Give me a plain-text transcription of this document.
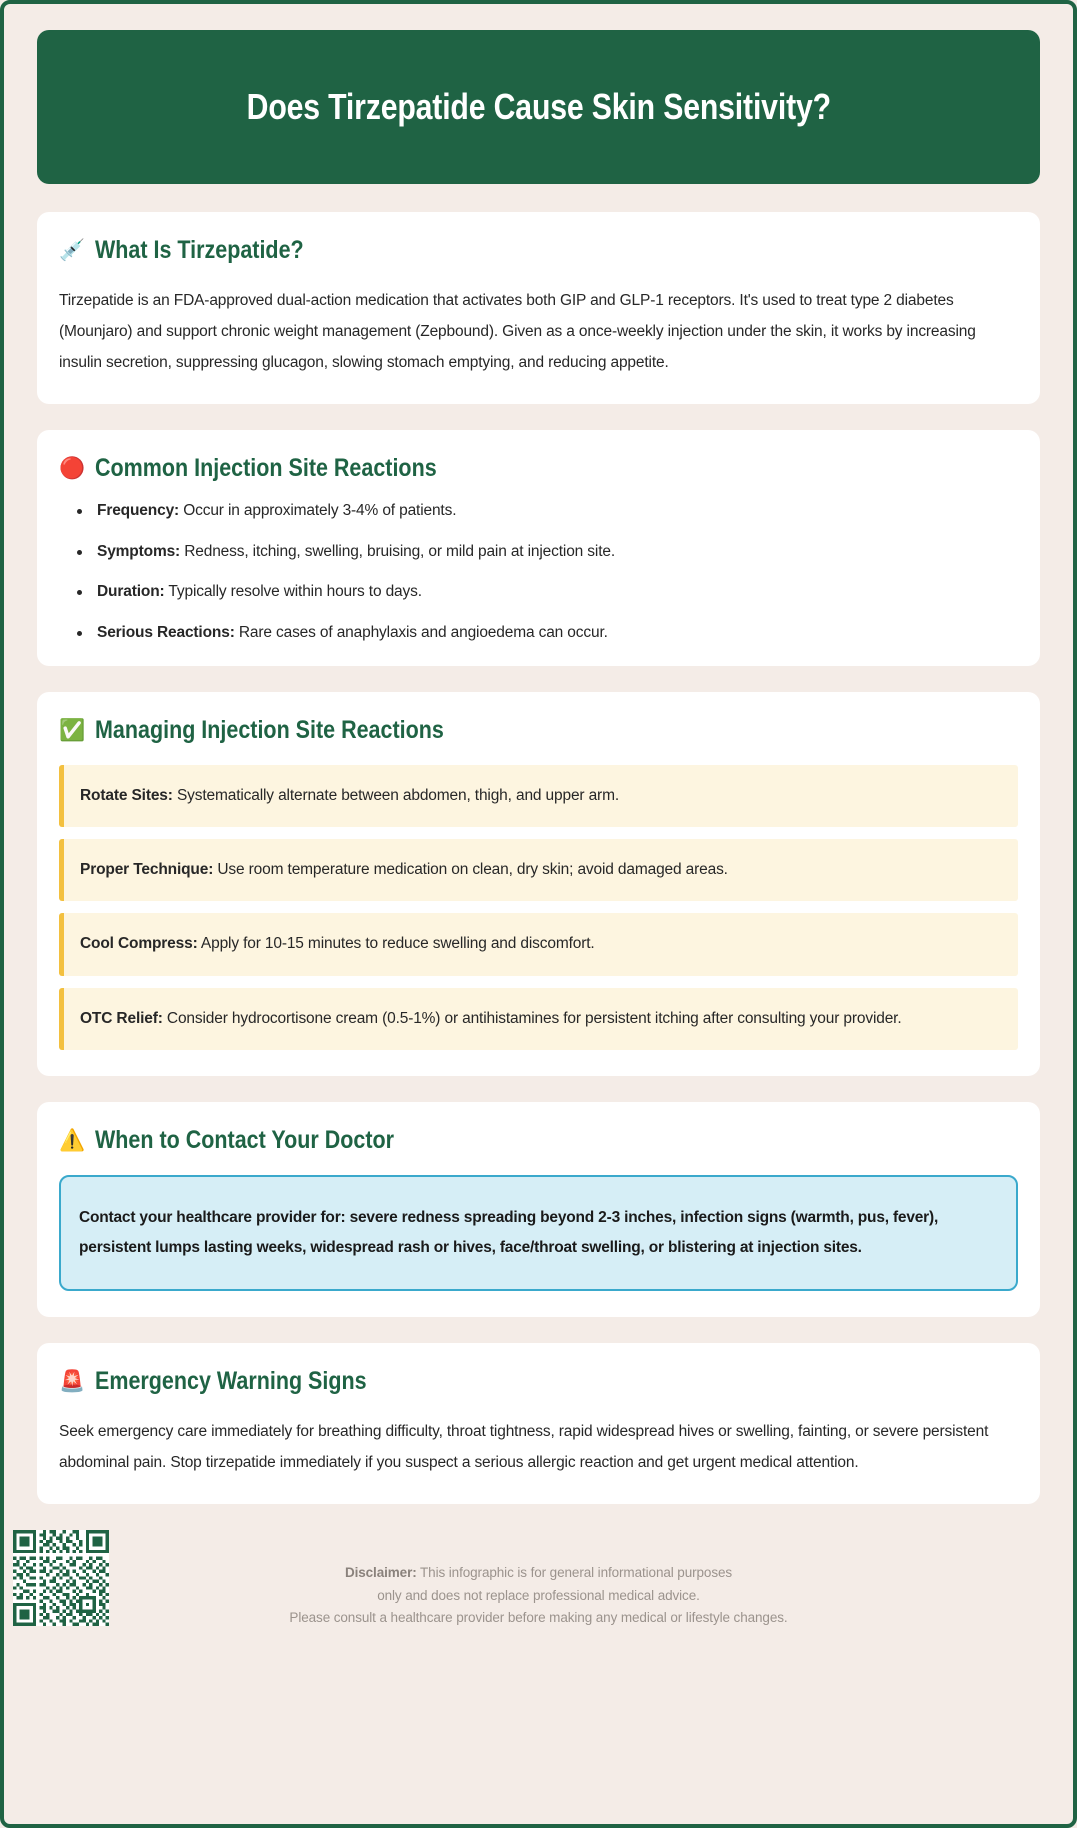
Does Tirzepatide Cause Skin Sensitivity?
💉 What Is Tirzepatide?
Tirzepatide is an FDA-approved dual-action medication that activates both GIP and GLP-1 receptors. It's used to treat type 2 diabetes (Mounjaro) and support chronic weight management (Zepbound). Given as a once-weekly injection under the skin, it works by increasing insulin secretion, suppressing glucagon, slowing stomach emptying, and reducing appetite.
🔴 Common Injection Site Reactions
Frequency: Occur in approximately 3-4% of patients.
Symptoms: Redness, itching, swelling, bruising, or mild pain at injection site.
Duration: Typically resolve within hours to days.
Serious Reactions: Rare cases of anaphylaxis and angioedema can occur.
✅ Managing Injection Site Reactions
Rotate Sites: Systematically alternate between abdomen, thigh, and upper arm.
Proper Technique: Use room temperature medication on clean, dry skin; avoid damaged areas.
Cool Compress: Apply for 10-15 minutes to reduce swelling and discomfort.
OTC Relief: Consider hydrocortisone cream (0.5-1%) or antihistamines for persistent itching after consulting your provider.
⚠️ When to Contact Your Doctor
Contact your healthcare provider for: severe redness spreading beyond 2-3 inches, infection signs (warmth, pus, fever), persistent lumps lasting weeks, widespread rash or hives, face/throat swelling, or blistering at injection sites.
🚨 Emergency Warning Signs
Seek emergency care immediately for breathing difficulty, throat tightness, rapid widespread hives or swelling, fainting, or severe persistent abdominal pain. Stop tirzepatide immediately if you suspect a serious allergic reaction and get urgent medical attention.
Disclaimer: This infographic is for general informational purposes
only and does not replace professional medical advice.
Please consult a healthcare provider before making any medical or lifestyle changes.
